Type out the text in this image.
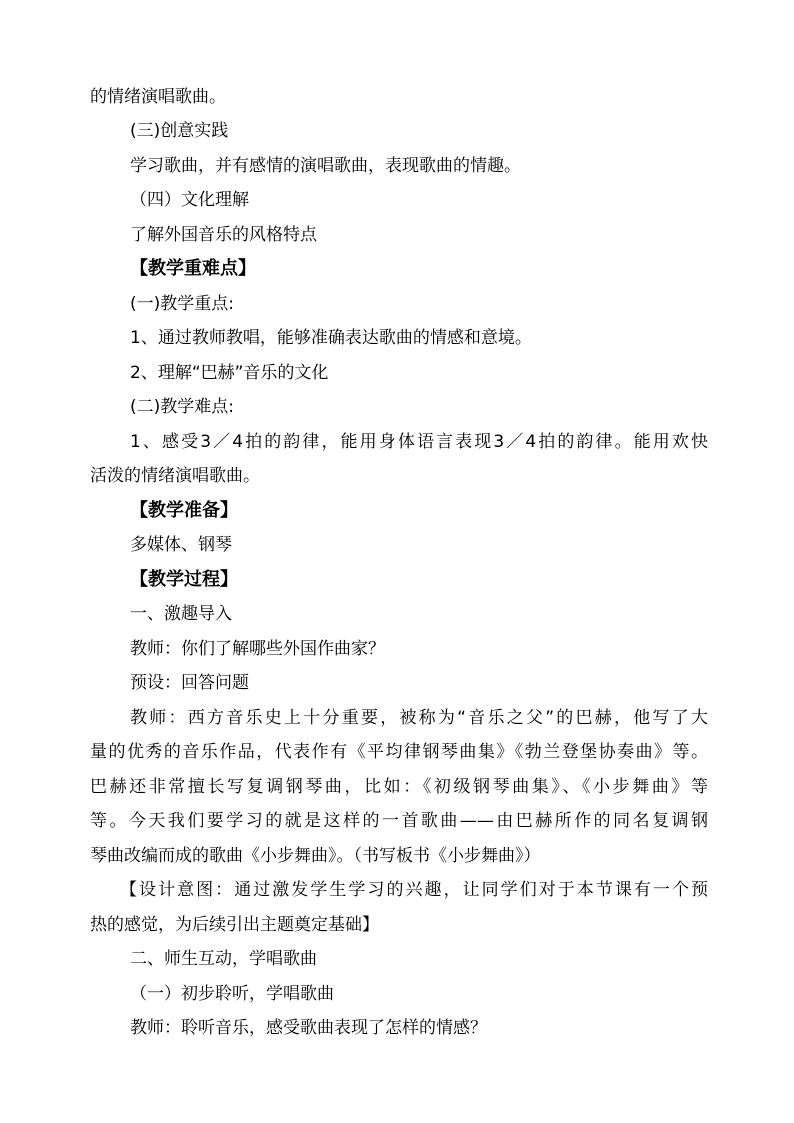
的情绪演唱歌曲。
(三)创意实践
学习歌曲，并有感情的演唱歌曲，表现歌曲的情趣。
（四）文化理解
了解外国音乐的风格特点
【教学重难点】
(一)教学重点:
1、通过教师教唱，能够准确表达歌曲的情感和意境。
2、理解“巴赫”音乐的文化
(二)教学难点:
1、感受3／4拍的韵律，能用身体语言表现3／4拍的韵律。能用欢快
活泼的情绪演唱歌曲。
【教学准备】
多媒体、钢琴
【教学过程】
一、激趣导入
教师：你们了解哪些外国作曲家？
预设：回答问题
教师：西方音乐史上十分重要，被称为“音乐之父”的巴赫，他写了大
量的优秀的音乐作品，代表作有《平均律钢琴曲集》《勃兰登堡协奏曲》等。
巴赫还非常擅长写复调钢琴曲，比如：《初级钢琴曲集》、《小步舞曲》等
等。今天我们要学习的就是这样的一首歌曲——由巴赫所作的同名复调钢
琴曲改编而成的歌曲《小步舞曲》。（书写板书《小步舞曲》）
【设计意图：通过激发学生学习的兴趣，让同学们对于本节课有一个预
热的感觉，为后续引出主题奠定基础】
二、师生互动，学唱歌曲
（一）初步聆听，学唱歌曲
教师：聆听音乐，感受歌曲表现了怎样的情感？
